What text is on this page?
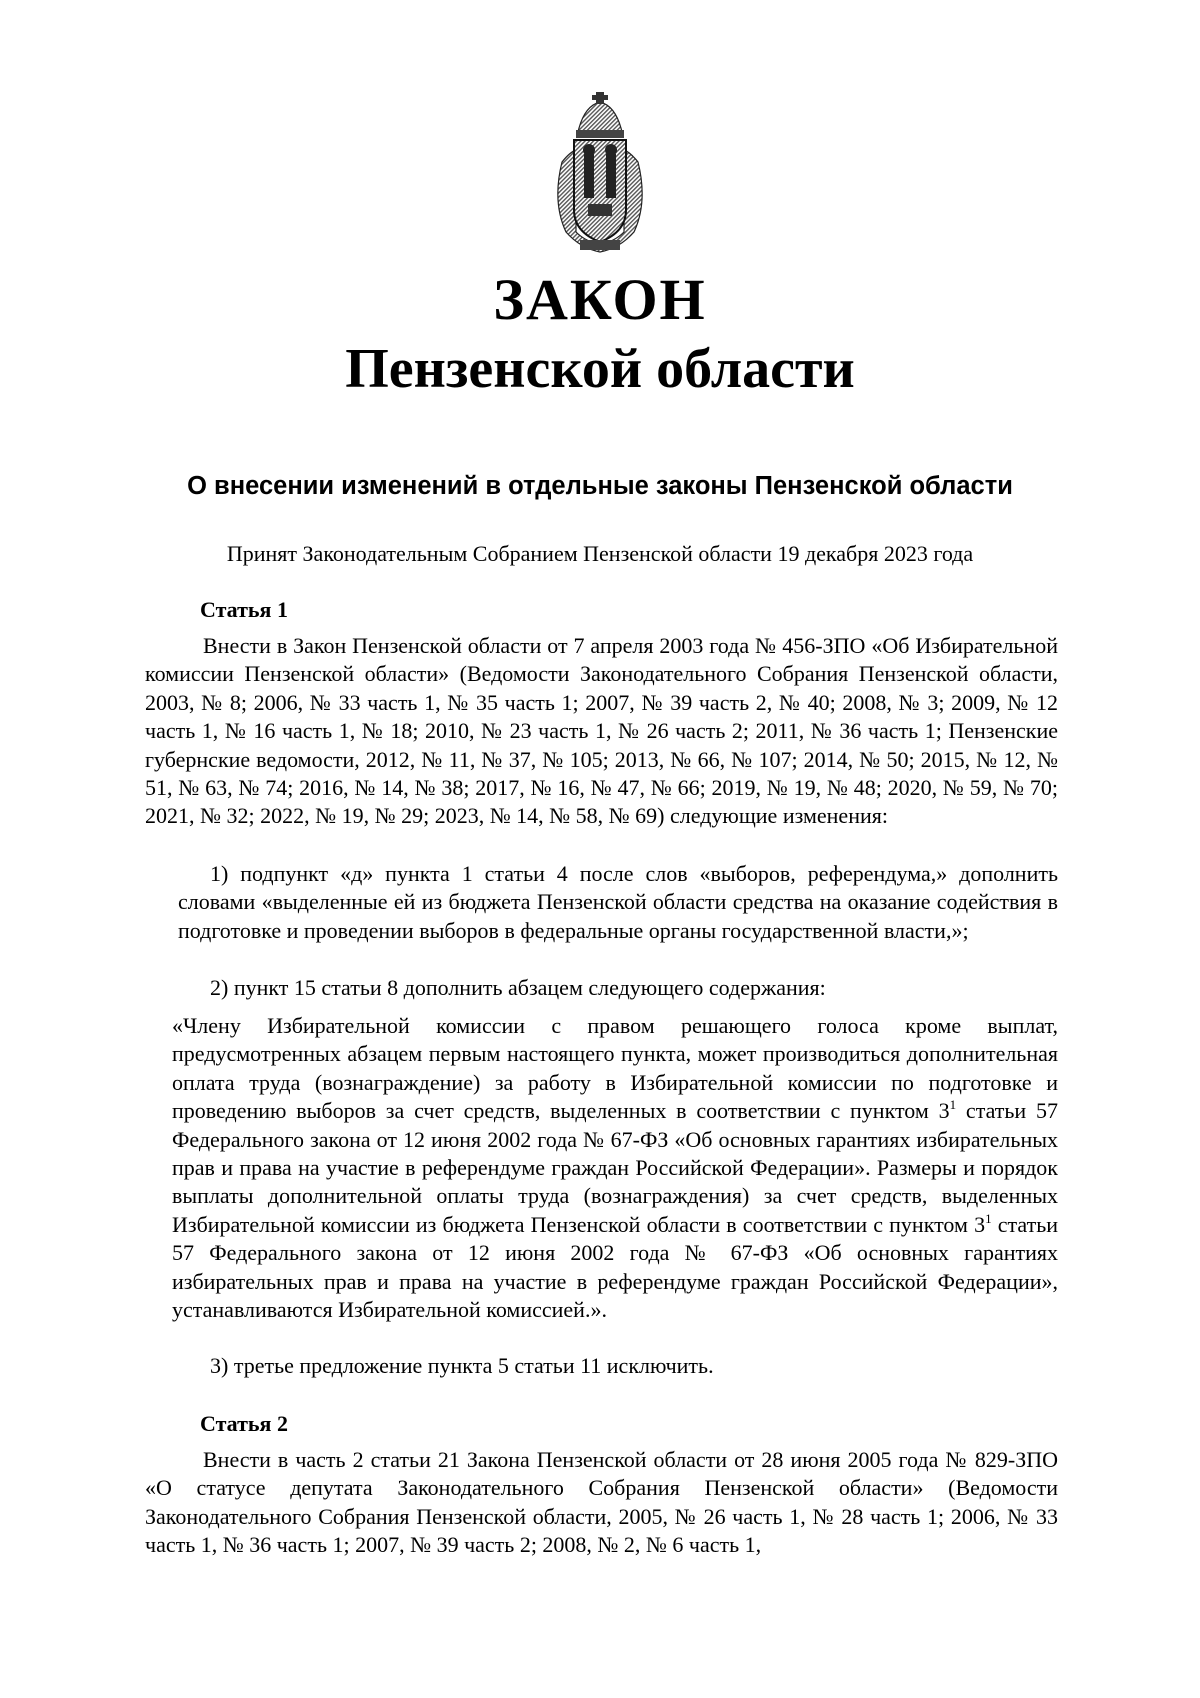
ЗАКОН
Пензенской области
О внесении изменений в отдельные законы Пензенской области
Принят Законодательным Собранием Пензенской области 19 декабря 2023 года
Статья 1
Внести в Закон Пензенской области от 7 апреля 2003 года № 456-ЗПО «Об Избирательной комиссии Пензенской области» (Ведомости Законодательного Собрания Пензенской области, 2003, № 8; 2006, № 33 часть 1, № 35 часть 1; 2007, № 39 часть 2, № 40; 2008, № 3; 2009, № 12 часть 1, № 16 часть 1, № 18; 2010, № 23 часть 1, № 26 часть 2; 2011, № 36 часть 1; Пензенские губернские ведомости, 2012, № 11, № 37, № 105; 2013, № 66, № 107; 2014, № 50; 2015, № 12, № 51, № 63, № 74; 2016, № 14, № 38; 2017, № 16, № 47, № 66; 2019, № 19, № 48; 2020, № 59, № 70; 2021, № 32; 2022, № 19, № 29; 2023, № 14, № 58, № 69) следующие изменения:
1) подпункт «д» пункта 1 статьи 4 после слов «выборов, референдума,» дополнить словами «выделенные ей из бюджета Пензенской области средства на оказание содействия в подготовке и проведении выборов в федеральные органы государственной власти,»;
2) пункт 15 статьи 8 дополнить абзацем следующего содержания:
«Члену Избирательной комиссии с правом решающего голоса кроме выплат, предусмотренных абзацем первым настоящего пункта, может производиться дополнительная оплата труда (вознаграждение) за работу в Избирательной комиссии по подготовке и проведению выборов за счет средств, выделенных в соответствии с пунктом $3^1$ статьи 57 Федерального закона от 12 июня 2002 года № 67-ФЗ «Об основных гарантиях избирательных прав и права на участие в референдуме граждан Российской Федерации». Размеры и порядок выплаты дополнительной оплаты труда (вознаграждения) за счет средств, выделенных Избирательной комиссии из бюджета Пензенской области в соответствии с пунктом $3^1$ статьи 57 Федерального закона от 12 июня 2002 года № 67-ФЗ «Об основных гарантиях избирательных прав и права на участие в референдуме граждан Российской Федерации», устанавливаются Избирательной комиссией.».
3) третье предложение пункта 5 статьи 11 исключить.
Статья 2
Внести в часть 2 статьи 21 Закона Пензенской области от 28 июня 2005 года № 829-ЗПО «О статусе депутата Законодательного Собрания Пензенской области» (Ведомости Законодательного Собрания Пензенской области, 2005, № 26 часть 1, № 28 часть 1; 2006, № 33 часть 1, № 36 часть 1; 2007, № 39 часть 2; 2008, № 2, № 6 часть 1,
